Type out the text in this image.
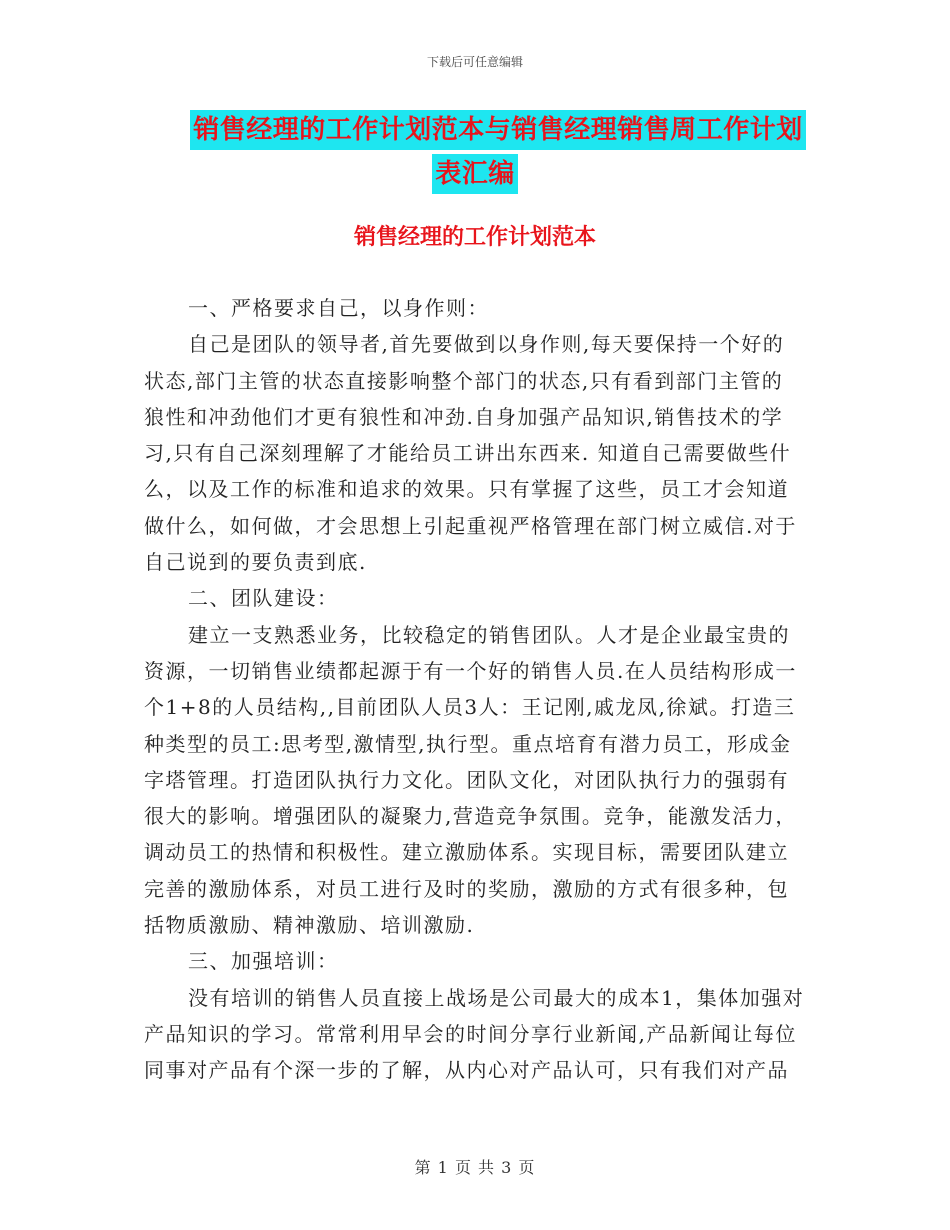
下载后可任意编辑
销售经理的工作计划范本与销售经理销售周工作计划
表汇编
销售经理的工作计划范本

一、严格要求自己，以身作则：

自己是团队的领导者,首先要做到以身作则,每天要保持一个好的
状态,部门主管的状态直接影响整个部门的状态,只有看到部门主管的
狼性和冲劲他们才更有狼性和冲劲.自身加强产品知识,销售技术的学
习,只有自己深刻理解了才能给员工讲出东西来. 知道自己需要做些什
么，以及工作的标准和追求的效果。只有掌握了这些，员工才会知道
做什么，如何做，才会思想上引起重视严格管理在部门树立威信.对于
自己说到的要负责到底.

二、团队建设：

建立一支熟悉业务，比较稳定的销售团队。人才是企业最宝贵的
资源，一切销售业绩都起源于有一个好的销售人员.在人员结构形成一
个1+8的人员结构,,目前团队人员3人：王记刚,戚龙凤,徐斌。打造三
种类型的员工:思考型,激情型,执行型。重点培育有潜力员工，形成金
字塔管理。打造团队执行力文化。团队文化，对团队执行力的强弱有
很大的影响。增强团队的凝聚力,营造竞争氛围。竞争，能激发活力，
调动员工的热情和积极性。建立激励体系。实现目标，需要团队建立
完善的激励体系，对员工进行及时的奖励，激励的方式有很多种，包
括物质激励、精神激励、培训激励.

三、加强培训：

没有培训的销售人员直接上战场是公司最大的成本1，集体加强对
产品知识的学习。常常利用早会的时间分享行业新闻,产品新闻让每位
同事对产品有个深一步的了解，从内心对产品认可，只有我们对产品

第 1 页 共 3 页
